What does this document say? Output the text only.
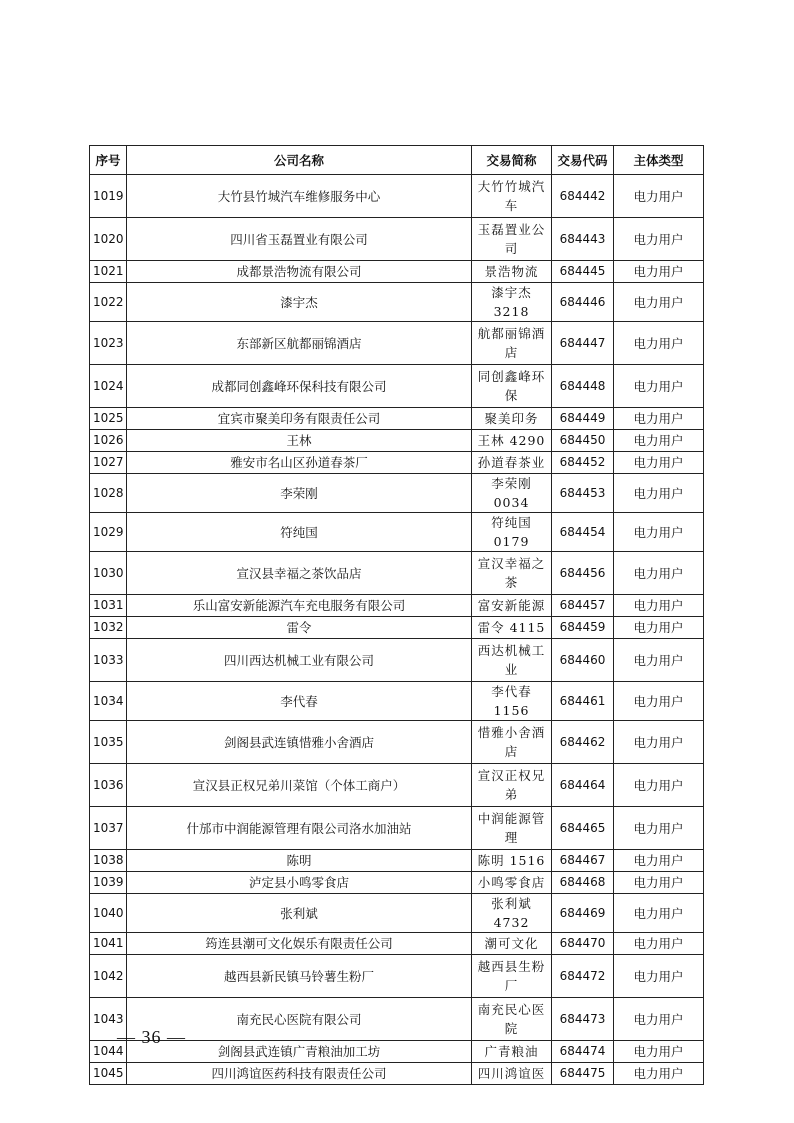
序号	公司名称	交易简称	交易代码	主体类型
1019	大竹县竹城汽车维修服务中心	大竹竹城汽车	684442	电力用户
1020	四川省玉磊置业有限公司	玉磊置业公司	684443	电力用户
1021	成都景浩物流有限公司	景浩物流	684445	电力用户
1022	漆宇杰	漆宇杰 3218	684446	电力用户
1023	东部新区航都丽锦酒店	航都丽锦酒店	684447	电力用户
1024	成都同创鑫峰环保科技有限公司	同创鑫峰环保	684448	电力用户
1025	宜宾市聚美印务有限责任公司	聚美印务	684449	电力用户
1026	王林	王林 4290	684450	电力用户
1027	雅安市名山区孙道春茶厂	孙道春茶业	684452	电力用户
1028	李荣刚	李荣刚 0034	684453	电力用户
1029	符纯国	符纯国 0179	684454	电力用户
1030	宣汉县幸福之茶饮品店	宣汉幸福之茶	684456	电力用户
1031	乐山富安新能源汽车充电服务有限公司	富安新能源	684457	电力用户
1032	雷令	雷令 4115	684459	电力用户
1033	四川西达机械工业有限公司	西达机械工业	684460	电力用户
1034	李代春	李代春 1156	684461	电力用户
1035	剑阁县武连镇惜雅小舍酒店	惜雅小舍酒店	684462	电力用户
1036	宣汉县正权兄弟川菜馆（个体工商户）	宣汉正权兄弟	684464	电力用户
1037	什邡市中润能源管理有限公司洛水加油站	中润能源管理	684465	电力用户
1038	陈明	陈明 1516	684467	电力用户
1039	泸定县小鸣零食店	小鸣零食店	684468	电力用户
1040	张利斌	张利斌 4732	684469	电力用户
1041	筠连县潮可文化娱乐有限责任公司	潮可文化	684470	电力用户
1042	越西县新民镇马铃薯生粉厂	越西县生粉厂	684472	电力用户
1043	南充民心医院有限公司	南充民心医院	684473	电力用户
1044	剑阁县武连镇广青粮油加工坊	广青粮油	684474	电力用户
1045	四川鸿谊医药科技有限责任公司	四川鸿谊医	684475	电力用户
— 36 —
